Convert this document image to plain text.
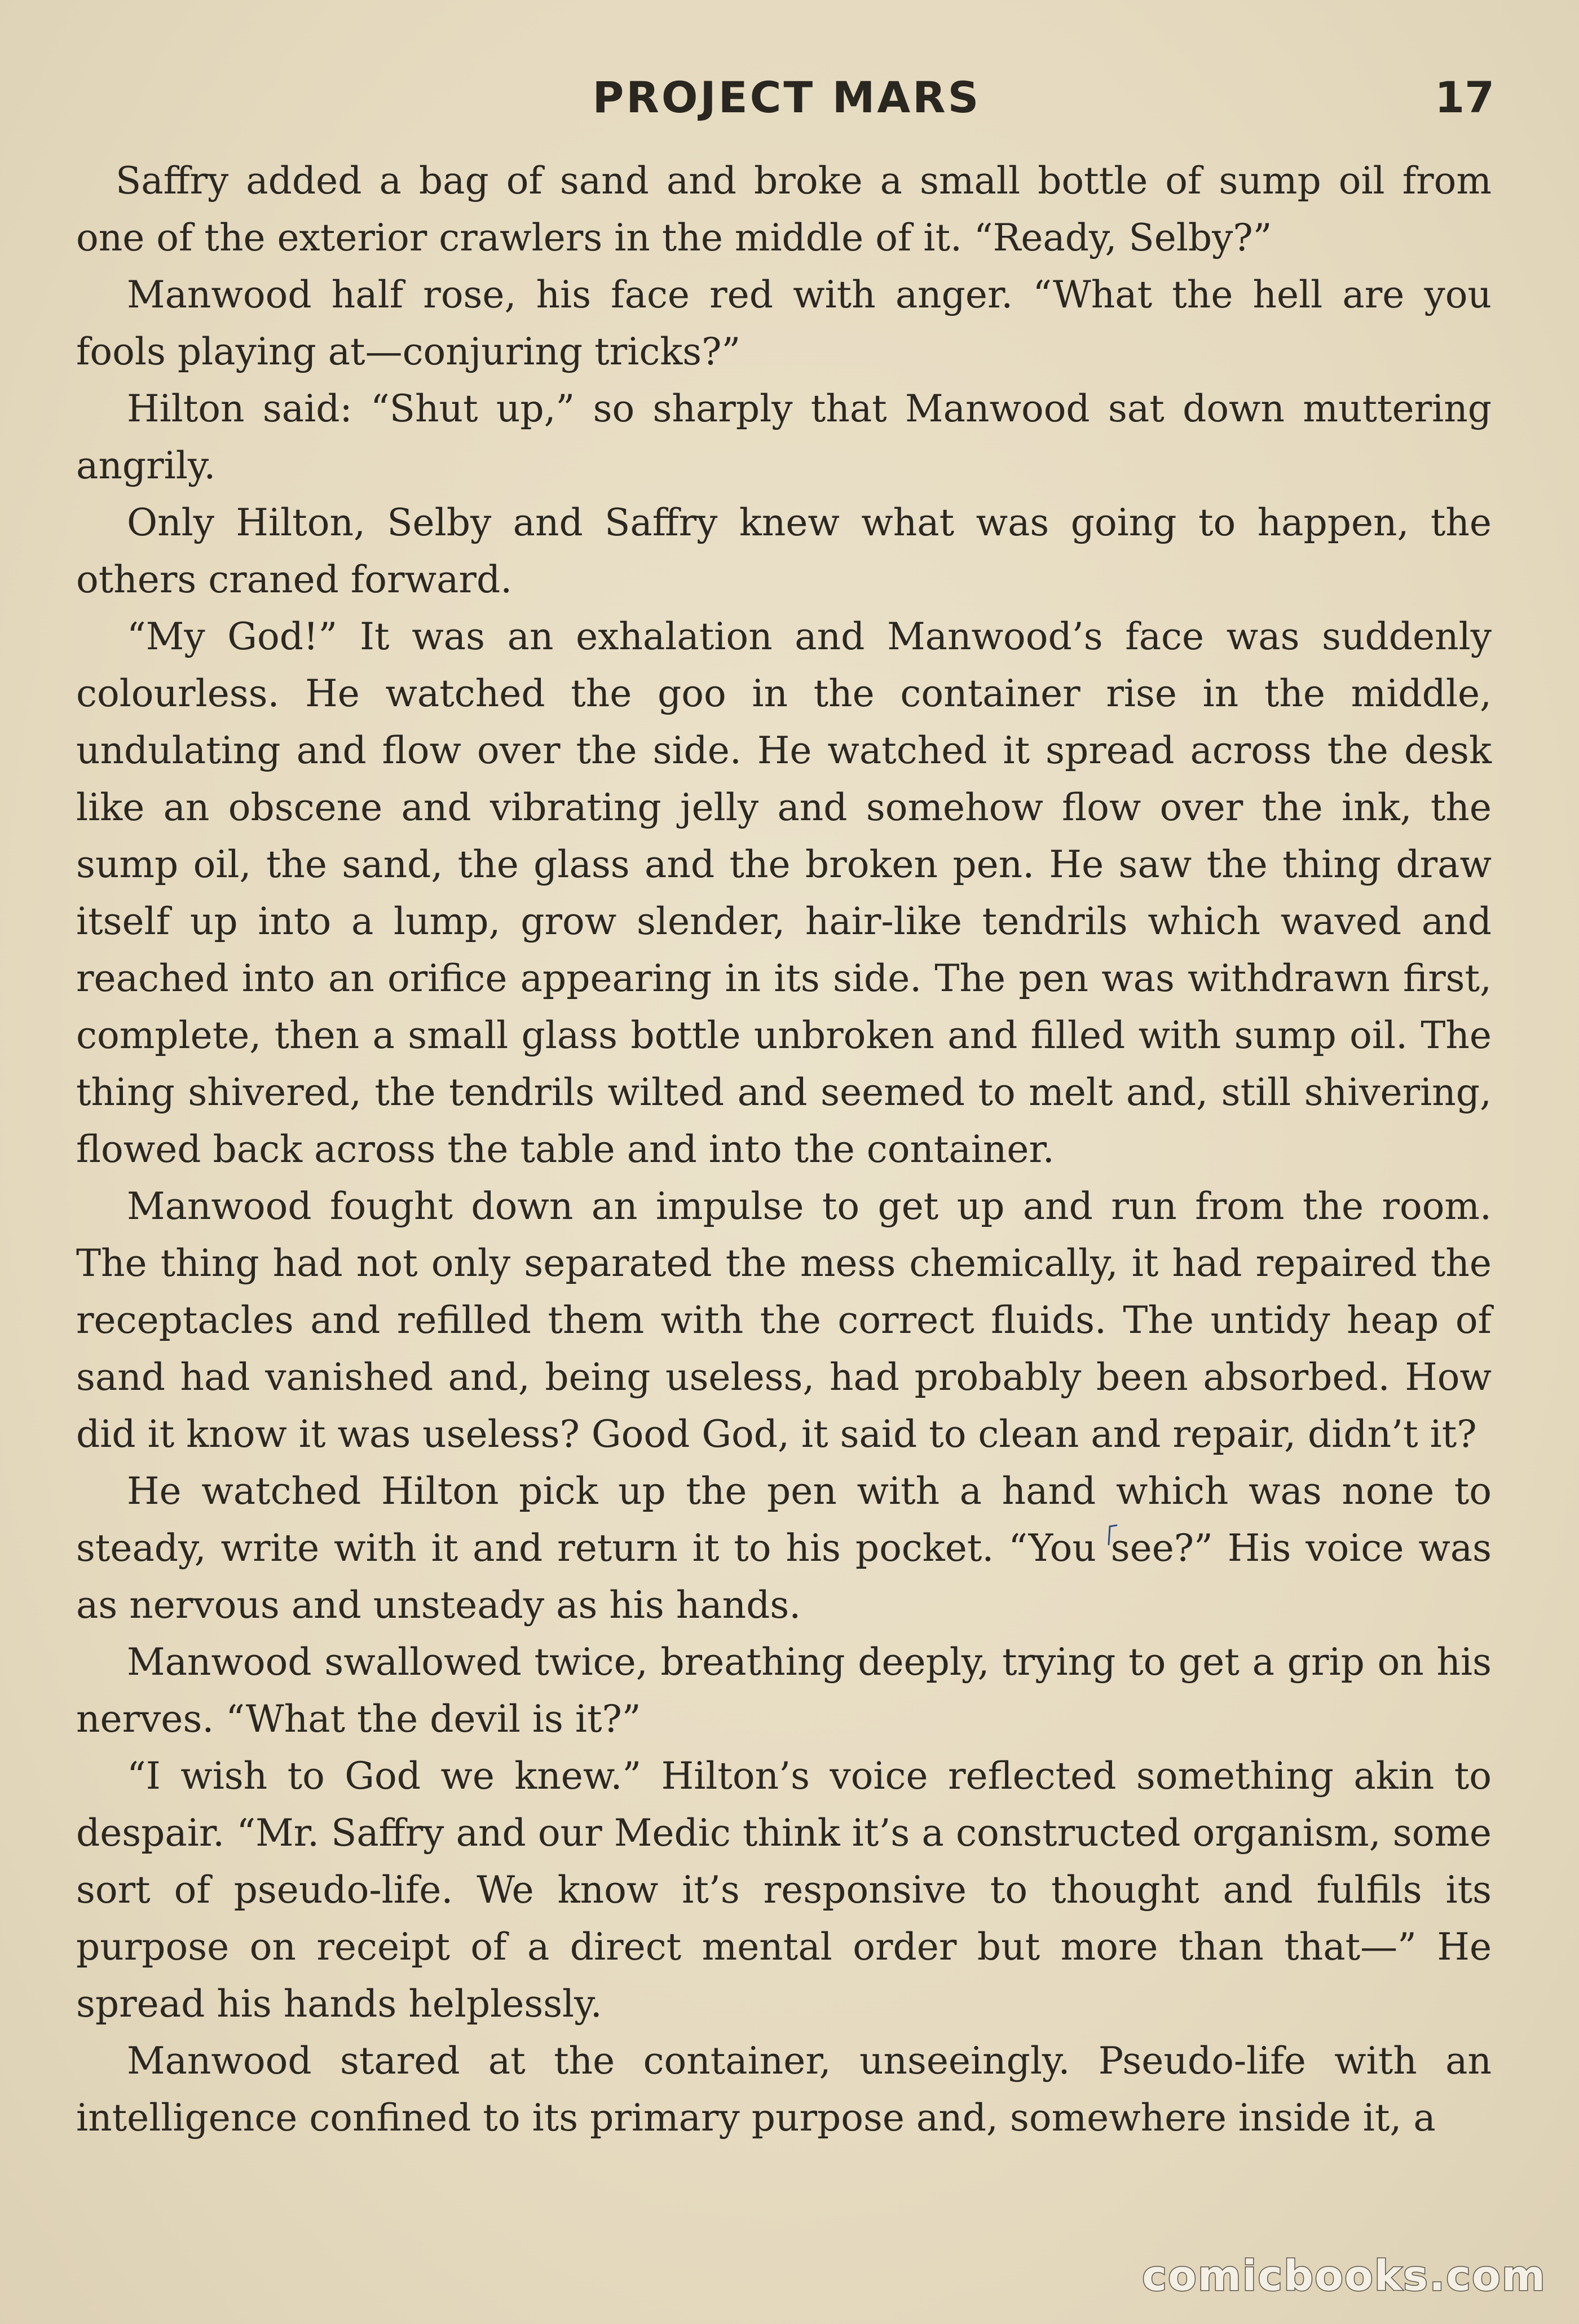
PROJECT MARS	17

Saffry added a bag of sand and broke a small bottle of sump oil from one of the exterior crawlers in the middle of it. “Ready, Selby?”

Manwood half rose, his face red with anger. “What the hell are you fools playing at—conjuring tricks?”

Hilton said: “Shut up,” so sharply that Manwood sat down muttering angrily.

Only Hilton, Selby and Saffry knew what was going to happen, the others craned forward.

“My God!” It was an exhalation and Manwood’s face was suddenly colourless. He watched the goo in the container rise in the middle, undulating and flow over the side. He watched it spread across the desk like an obscene and vibrating jelly and somehow flow over the ink, the sump oil, the sand, the glass and the broken pen. He saw the thing draw itself up into a lump, grow slender, hair-like tendrils which waved and reached into an orifice appearing in its side. The pen was withdrawn first, complete, then a small glass bottle unbroken and filled with sump oil. The thing shivered, the tendrils wilted and seemed to melt and, still shivering, flowed back across the table and into the container.

Manwood fought down an impulse to get up and run from the room. The thing had not only separated the mess chemically, it had repaired the receptacles and refilled them with the correct fluids. The untidy heap of sand had vanished and, being useless, had probably been absorbed. How did it know it was useless? Good God, it said to clean and repair, didn’t it?

He watched Hilton pick up the pen with a hand which was none to steady, write with it and return it to his pocket. “You see?” His voice was as nervous and unsteady as his hands.

Manwood swallowed twice, breathing deeply, trying to get a grip on his nerves. “What the devil is it?”

“I wish to God we knew.” Hilton’s voice reflected something akin to despair. “Mr. Saffry and our Medic think it’s a constructed organism, some sort of pseudo-life. We know it’s responsive to thought and fulfils its purpose on receipt of a direct mental order but more than that—” He spread his hands helplessly.

Manwood stared at the container, unseeingly. Pseudo-life with an intelligence confined to its primary purpose and, somewhere inside it, a

comicbooks.com
